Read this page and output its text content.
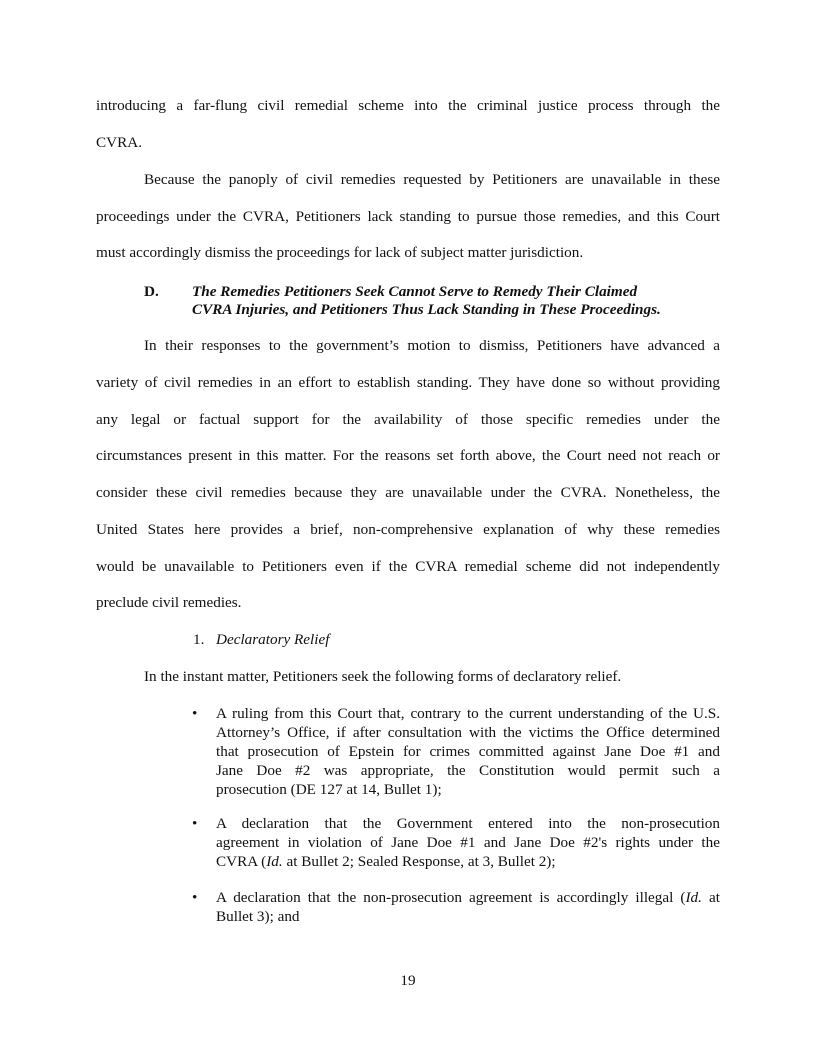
introducing a far-flung civil remedial scheme into the criminal justice process through the
CVRA.
Because the panoply of civil remedies requested by Petitioners are unavailable in these
proceedings under the CVRA, Petitioners lack standing to pursue those remedies, and this Court
must accordingly dismiss the proceedings for lack of subject matter jurisdiction.
D. The Remedies Petitioners Seek Cannot Serve to Remedy Their Claimed
CVRA Injuries, and Petitioners Thus Lack Standing in These Proceedings.
In their responses to the government’s motion to dismiss, Petitioners have advanced a
variety of civil remedies in an effort to establish standing. They have done so without providing
any legal or factual support for the availability of those specific remedies under the
circumstances present in this matter. For the reasons set forth above, the Court need not reach or
consider these civil remedies because they are unavailable under the CVRA. Nonetheless, the
United States here provides a brief, non-comprehensive explanation of why these remedies
would be unavailable to Petitioners even if the CVRA remedial scheme did not independently
preclude civil remedies.
1. Declaratory Relief
In the instant matter, Petitioners seek the following forms of declaratory relief.
• A ruling from this Court that, contrary to the current understanding of the U.S.
Attorney’s Office, if after consultation with the victims the Office determined
that prosecution of Epstein for crimes committed against Jane Doe #1 and
Jane Doe #2 was appropriate, the Constitution would permit such a
prosecution (DE 127 at 14, Bullet 1);
• A declaration that the Government entered into the non-prosecution
agreement in violation of Jane Doe #1 and Jane Doe #2's rights under the
CVRA (Id. at Bullet 2; Sealed Response, at 3, Bullet 2);
• A declaration that the non-prosecution agreement is accordingly illegal (Id. at
Bullet 3); and
19
